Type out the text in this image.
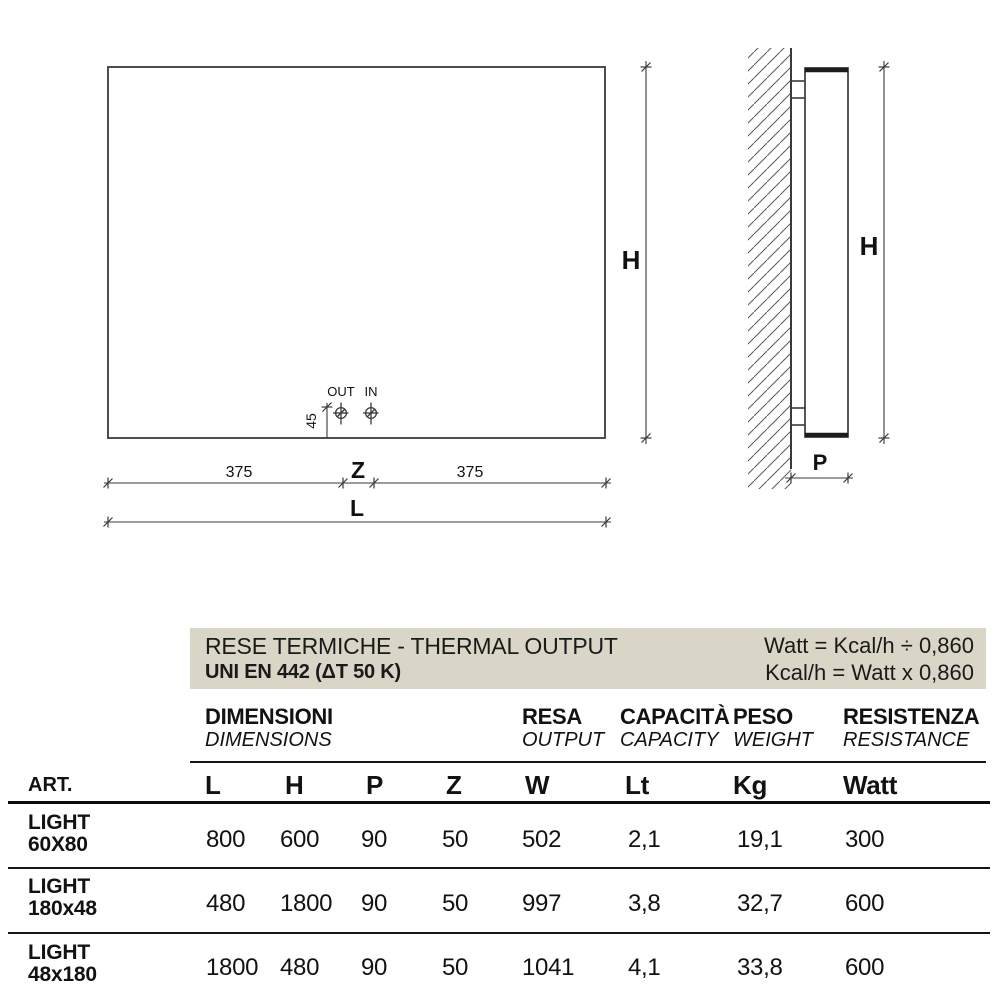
H
OUT IN
45
375	Z	375
L
H
P
RESE TERMICHE - THERMAL OUTPUT
UNI EN 442 (ΔT 50 K)
Watt = Kcal/h ÷ 0,860
Kcal/h = Watt x 0,860
DIMENSIONI
DIMENSIONS
RESA
OUTPUT
CAPACITÀ
CAPACITY
PESO
WEIGHT
RESISTENZA
RESISTANCE
ART.	L H P Z W	Lt	Kg	Watt
LIGHT
60X80	800 600 90 50 502	2,1	19,1	300
LIGHT
180x48	480 1800 90 50 997	3,8	32,7	600
LIGHT
48x180	1800 480 90 50 1041 4,1	33,8	600
